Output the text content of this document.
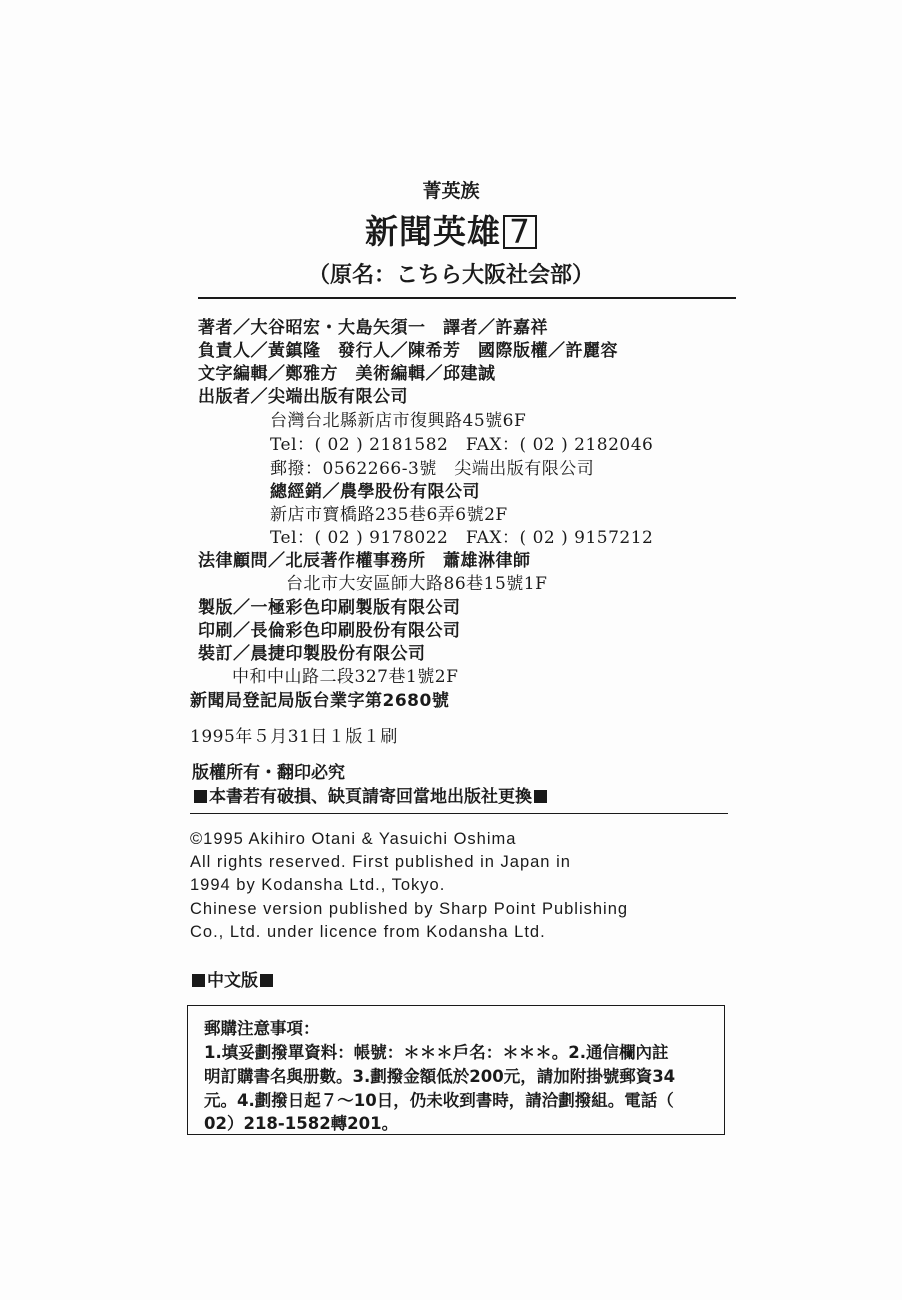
菁英族
新聞英雄 7
（原名：こちら大阪社会部）
著者／大谷昭宏・大島矢須一　譯者／許嘉祥
負責人／黃鎮隆　發行人／陳希芳　國際版權／許麗容
文字編輯／鄭雅方　美術編輯／邱建誠
出版者／尖端出版有限公司
台灣台北縣新店市復興路45號6F
Tel：( 02 ) 2181582　FAX：( 02 ) 2182046
郵撥：0562266-3號　尖端出版有限公司
總經銷／農學股份有限公司
新店市寶橋路235巷6弄6號2F
Tel：( 02 ) 9178022　FAX：( 02 ) 9157212
法律顧問／北辰著作權事務所　蕭雄淋律師
台北市大安區師大路86巷15號1F
製版／一極彩色印刷製版有限公司
印刷／長倫彩色印刷股份有限公司
裝訂／晨捷印製股份有限公司
中和中山路二段327巷1號2F
新聞局登記局版台業字第2680號
1995年５月31日１版１刷
版權所有・翻印必究
本書若有破損、缺頁請寄回當地出版社更換
©1995 Akihiro Otani & Yasuichi Oshima
All rights reserved. First published in Japan in
1994 by Kodansha Ltd., Tokyo.
Chinese version published by Sharp Point Publishing
Co., Ltd. under licence from Kodansha Ltd.
中文版
郵購注意事項：
1.填妥劃撥單資料：帳號：＊＊＊戶名：＊＊＊。2.通信欄內註
明訂購書名與册數。3.劃撥金額低於200元，請加附掛號郵資34
元。4.劃撥日起７～10日，仍未收到書時，請洽劃撥組。電話（
02）218-1582轉201。
